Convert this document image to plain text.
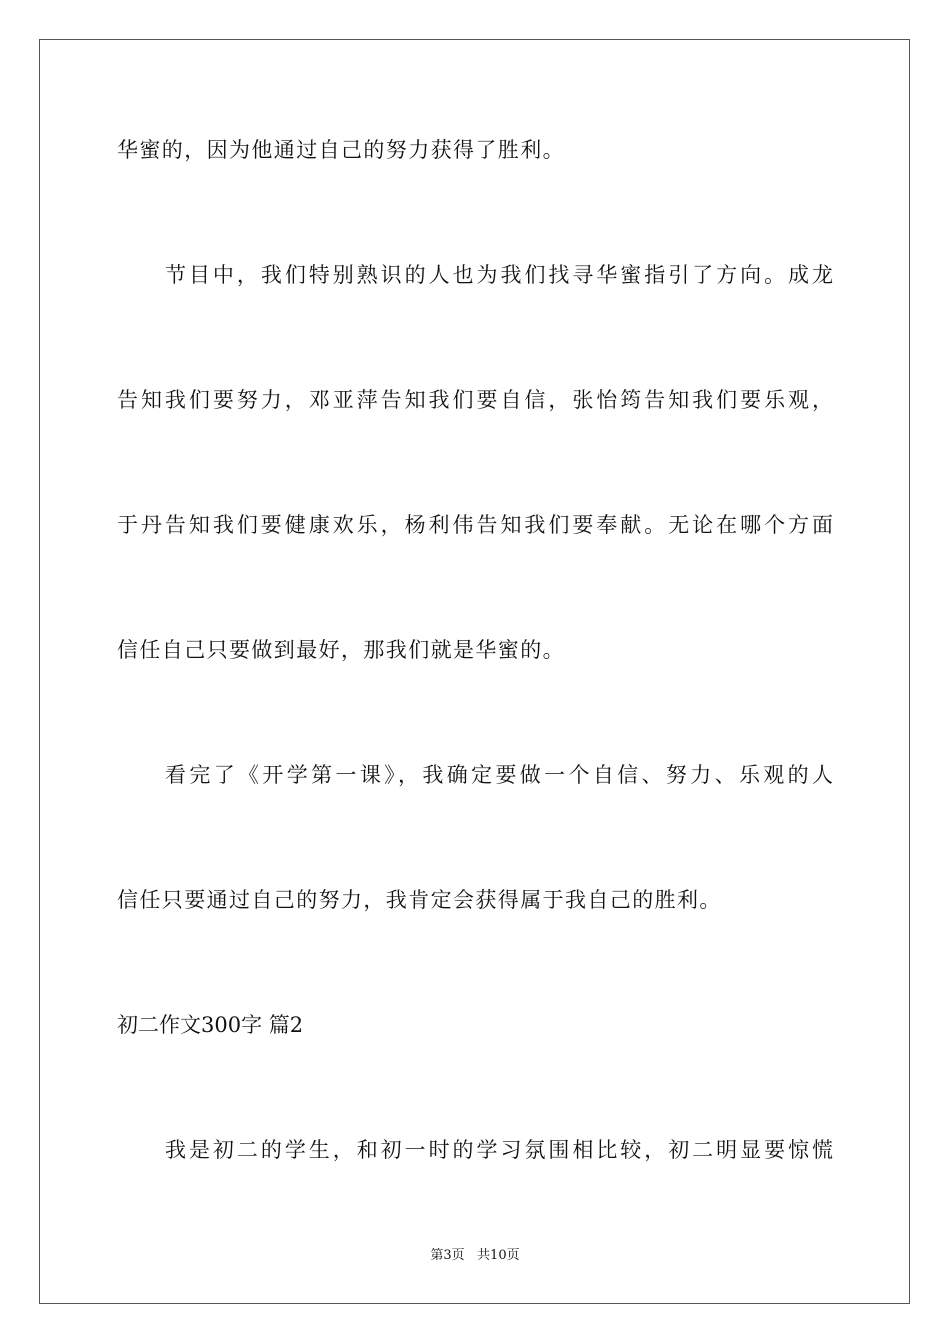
华蜜的，因为他通过自己的努力获得了胜利。
节目中，我们特别熟识的人也为我们找寻华蜜指引了方向。成龙
告知我们要努力，邓亚萍告知我们要自信，张怡筠告知我们要乐观，
于丹告知我们要健康欢乐，杨利伟告知我们要奉献。无论在哪个方面
信任自己只要做到最好，那我们就是华蜜的。
看完了《开学第一课》，我确定要做一个自信、努力、乐观的人
信任只要通过自己的努力，我肯定会获得属于我自己的胜利。
初二作文300字 篇2
我是初二的学生，和初一时的学习氛围相比较，初二明显要惊慌
第3页   共10页
